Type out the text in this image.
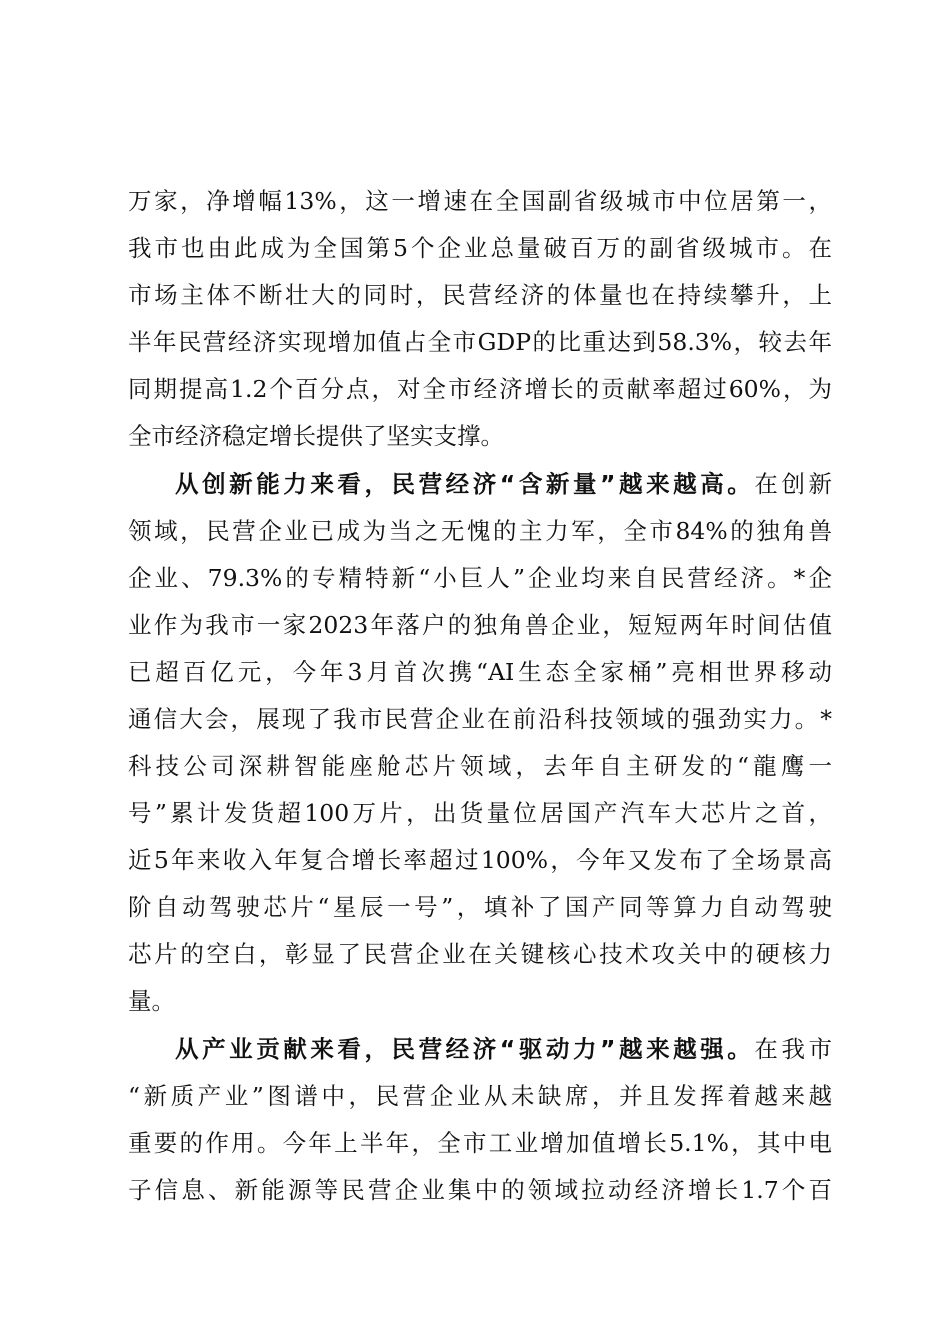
万家，净增幅13%，这一增速在全国副省级城市中位居第一，
我市也由此成为全国第5个企业总量破百万的副省级城市。在
市场主体不断壮大的同时，民营经济的体量也在持续攀升，上
半年民营经济实现增加值占全市GDP的比重达到58.3%，较去年
同期提高1.2个百分点，对全市经济增长的贡献率超过60%，为
全市经济稳定增长提供了坚实支撑。
从创新能力来看，民营经济“含新量”越来越高。在创新
领域，民营企业已成为当之无愧的主力军，全市84%的独角兽
企业、79.3%的专精特新“小巨人”企业均来自民营经济。*企
业作为我市一家2023年落户的独角兽企业，短短两年时间估值
已超百亿元，今年3月首次携“AI生态全家桶”亮相世界移动
通信大会，展现了我市民营企业在前沿科技领域的强劲实力。*
科技公司深耕智能座舱芯片领域，去年自主研发的“龍鹰一
号”累计发货超100万片，出货量位居国产汽车大芯片之首，
近5年来收入年复合增长率超过100%，今年又发布了全场景高
阶自动驾驶芯片“星辰一号”，填补了国产同等算力自动驾驶
芯片的空白，彰显了民营企业在关键核心技术攻关中的硬核力
量。
从产业贡献来看，民营经济“驱动力”越来越强。在我市
“新质产业”图谱中，民营企业从未缺席，并且发挥着越来越
重要的作用。今年上半年，全市工业增加值增长5.1%，其中电
子信息、新能源等民营企业集中的领域拉动经济增长1.7个百
